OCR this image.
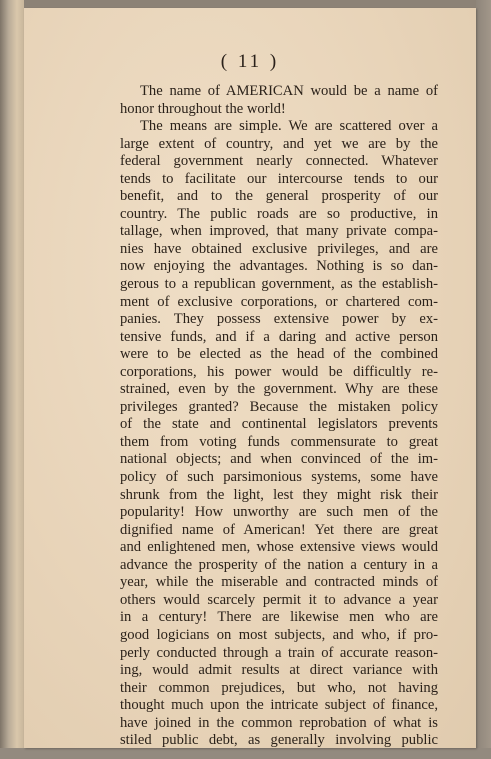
( 11 )
The name of AMERICAN would be a name of
honor throughout the world!
The means are simple. We are scattered over a
large extent of country, and yet we are by the
federal government nearly connected. Whatever
tends to facilitate our intercourse tends to our
benefit, and to the general prosperity of our
country. The public roads are so productive, in
tallage, when improved, that many private compa-
nies have obtained exclusive privileges, and are
now enjoying the advantages. Nothing is so dan-
gerous to a republican government, as the establish-
ment of exclusive corporations, or chartered com-
panies. They possess extensive power by ex-
tensive funds, and if a daring and active person
were to be elected as the head of the combined
corporations, his power would be difficultly re-
strained, even by the government. Why are these
privileges granted? Because the mistaken policy
of the state and continental legislators prevents
them from voting funds commensurate to great
national objects; and when convinced of the im-
policy of such parsimonious systems, some have
shrunk from the light, lest they might risk their
popularity! How unworthy are such men of the
dignified name of American! Yet there are great
and enlightened men, whose extensive views would
advance the prosperity of the nation a century in a
year, while the miserable and contracted minds of
others would scarcely permit it to advance a year
in a century! There are likewise men who are
good logicians on most subjects, and who, if pro-
perly conducted through a train of accurate reason-
ing, would admit results at direct variance with
their common prejudices, but who, not having
thought much upon the intricate subject of finance,
have joined in the common reprobation of what is
stiled public debt, as generally involving public
